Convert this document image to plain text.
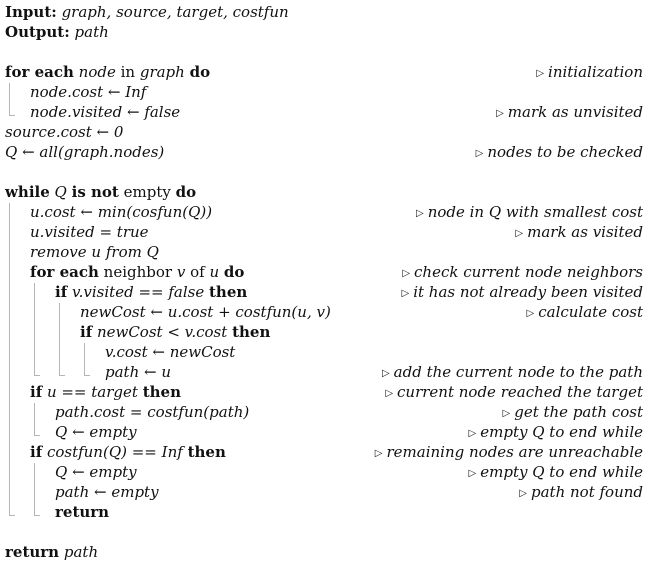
Input: graph, source, target, costfun
Output: path
for each node in graph do	▷ initialization
node.cost ← Inf
node.visited ← false	▷ mark as unvisited
source.cost ← 0
Q ← all(graph.nodes)	▷ nodes to be checked
while Q is not empty do
u.cost ← min(cosfun(Q))	▷ node in Q with smallest cost
u.visited = true	▷ mark as visited
remove u from Q
for each neighbor v of u do	▷ check current node neighbors
if v.visited == false then	▷ it has not already been visited
newCost ← u.cost + costfun(u, v)	▷ calculate cost
if newCost < v.cost then
v.cost ← newCost
path ← u	▷ add the current node to the path
if u == target then	▷ current node reached the target
path.cost = costfun(path)	▷ get the path cost
Q ← empty	▷ empty Q to end while
if costfun(Q) == Inf then	▷ remaining nodes are unreachable
Q ← empty	▷ empty Q to end while
path ← empty	▷ path not found
return
return path
